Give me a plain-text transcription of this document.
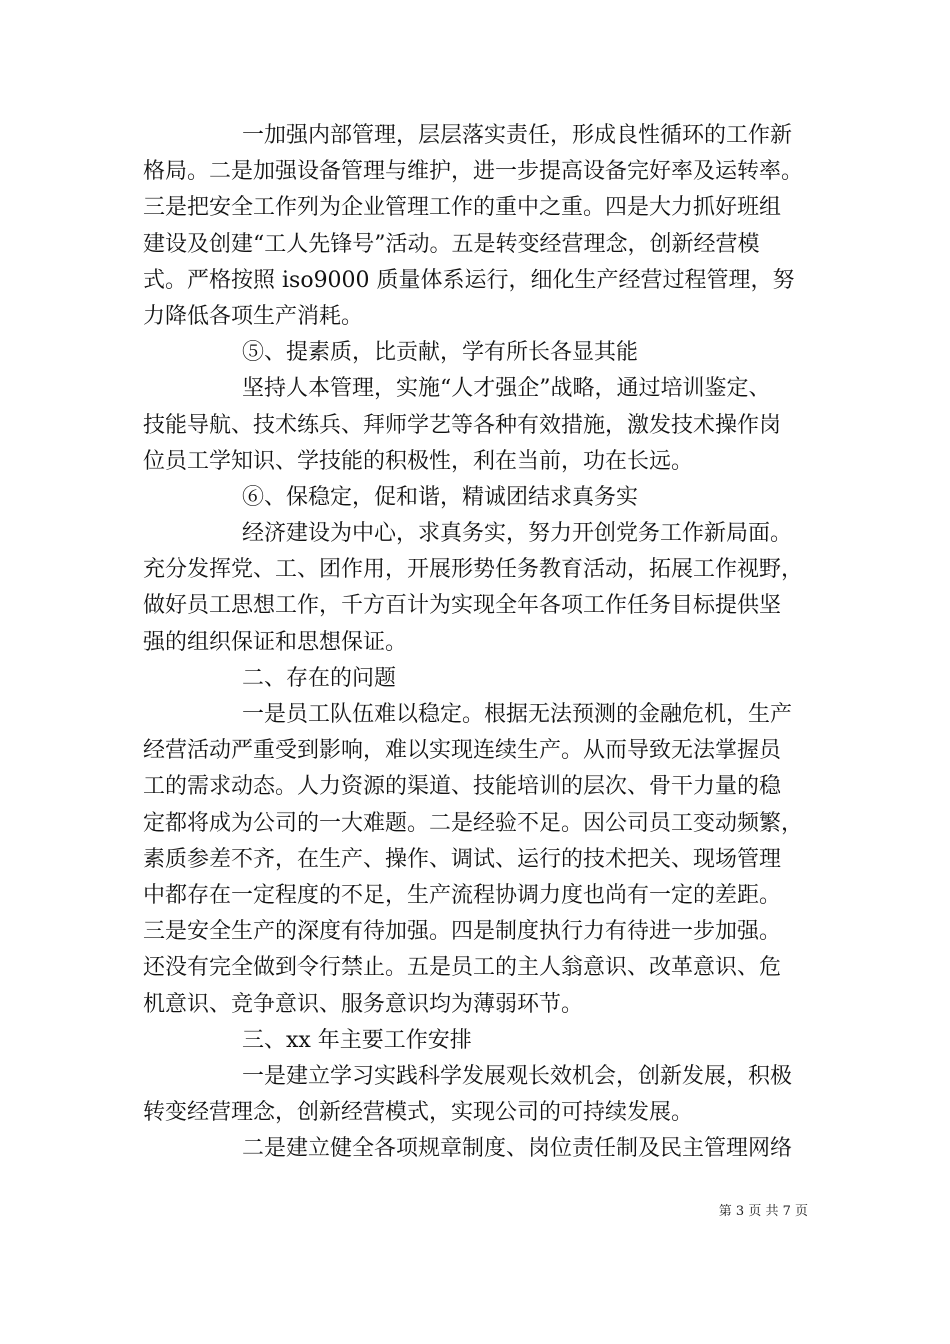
一加强内部管理，层层落实责任，形成良性循环的工作新
格局。二是加强设备管理与维护，进一步提高设备完好率及运转率。
三是把安全工作列为企业管理工作的重中之重。四是大力抓好班组
建设及创建“工人先锋号”活动。五是转变经营理念，创新经营模
式。严格按照 iso9000 质量体系运行，细化生产经营过程管理，努
力降低各项生产消耗。
⑤、提素质，比贡献，学有所长各显其能
坚持人本管理，实施“人才强企”战略，通过培训鉴定、
技能导航、技术练兵、拜师学艺等各种有效措施，激发技术操作岗
位员工学知识、学技能的积极性，利在当前，功在长远。
⑥、保稳定，促和谐，精诚团结求真务实
经济建设为中心，求真务实，努力开创党务工作新局面。
充分发挥党、工、团作用，开展形势任务教育活动，拓展工作视野，
做好员工思想工作，千方百计为实现全年各项工作任务目标提供坚
强的组织保证和思想保证。
二、存在的问题
一是员工队伍难以稳定。根据无法预测的金融危机，生产
经营活动严重受到影响，难以实现连续生产。从而导致无法掌握员
工的需求动态。人力资源的渠道、技能培训的层次、骨干力量的稳
定都将成为公司的一大难题。二是经验不足。因公司员工变动频繁，
素质参差不齐，在生产、操作、调试、运行的技术把关、现场管理
中都存在一定程度的不足，生产流程协调力度也尚有一定的差距。
三是安全生产的深度有待加强。四是制度执行力有待进一步加强。
还没有完全做到令行禁止。五是员工的主人翁意识、改革意识、危
机意识、竞争意识、服务意识均为薄弱环节。
三、xx 年主要工作安排
一是建立学习实践科学发展观长效机会，创新发展，积极
转变经营理念，创新经营模式，实现公司的可持续发展。
二是建立健全各项规章制度、岗位责任制及民主管理网络
第 3 页 共 7 页
